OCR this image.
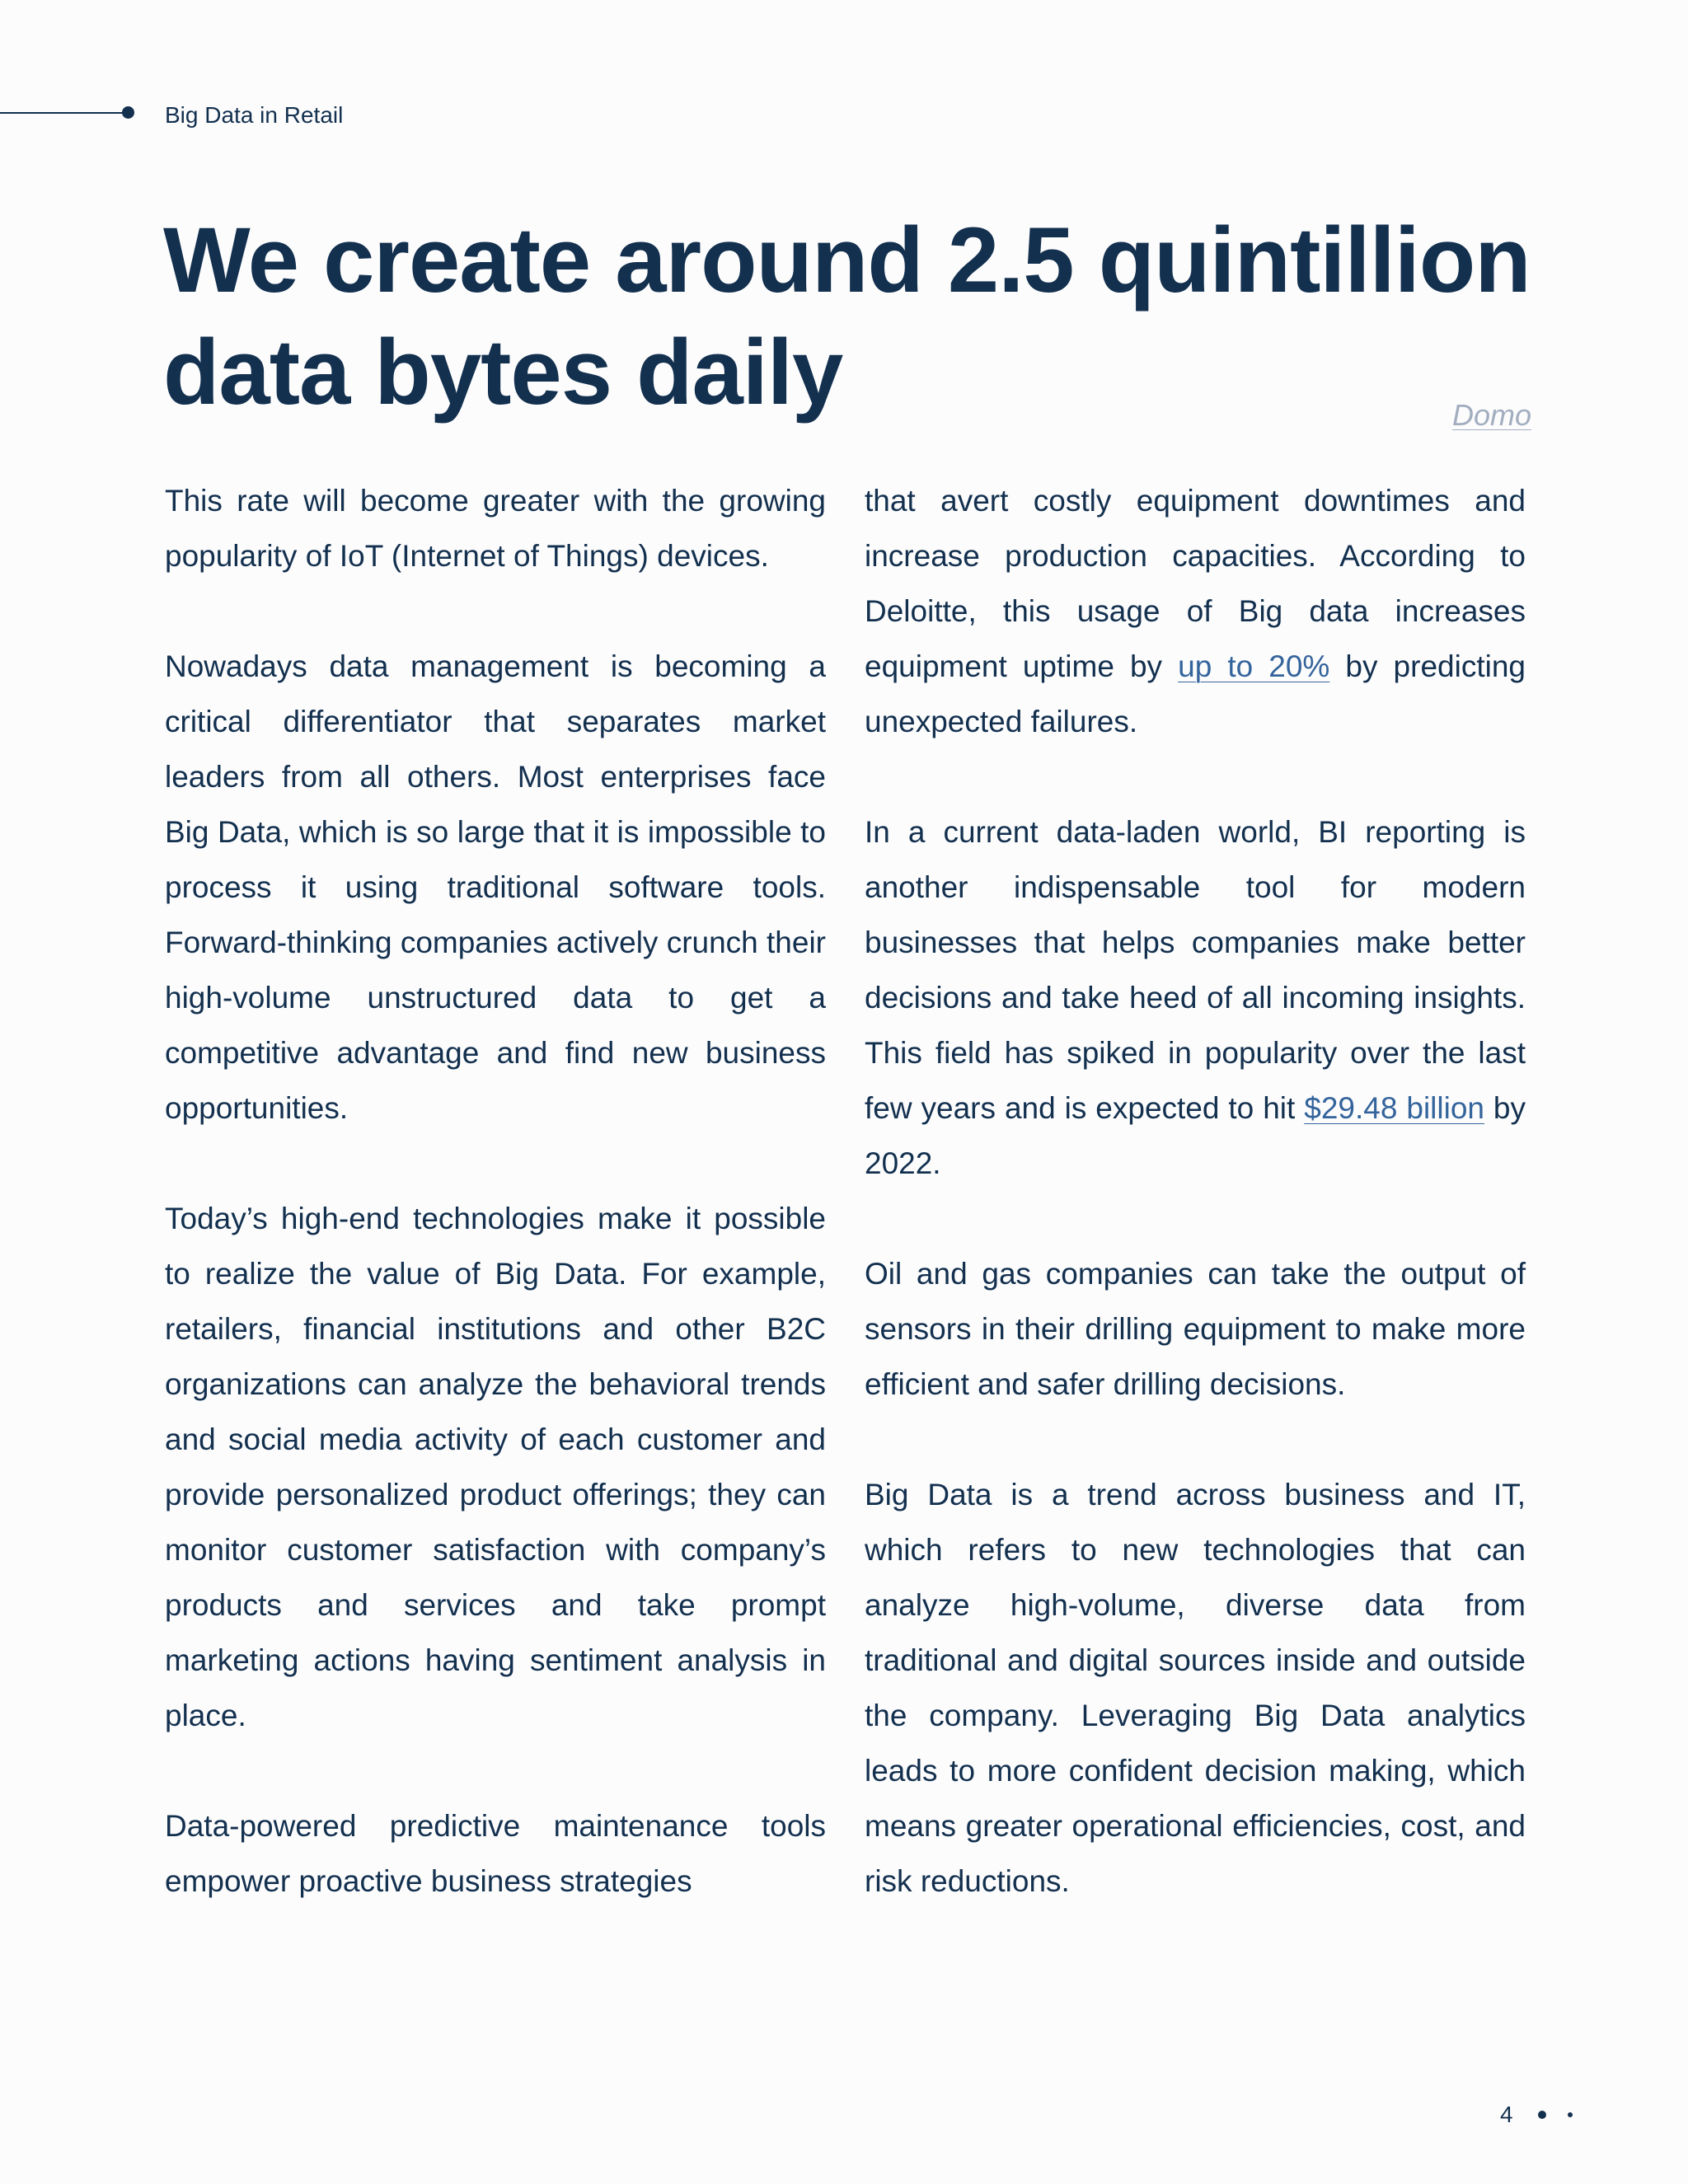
Big Data in Retail
We create around 2.5 quintillion data bytes daily	Domo

This rate will become greater with the growing popularity of IoT (Internet of Things) devices.

Nowadays data management is becoming a critical differentiator that separates market leaders from all others. Most enterprises face Big Data, which is so large that it is impossible to process it using traditional software tools. Forward-thinking companies actively crunch their high-volume unstructured data to get a competitive advantage and find new business opportunities.

Today’s high-end technologies make it possible to realize the value of Big Data. For example, retailers, financial institutions and other B2C organizations can analyze the behavioral trends and social media activity of each customer and provide personalized product offerings; they can monitor customer satisfaction with company’s products and services and take prompt marketing actions having sentiment analysis in place.

Data-powered predictive maintenance tools empower proactive business strategies

that avert costly equipment downtimes and increase production capacities. According to Deloitte, this usage of Big data increases equipment uptime by up to 20% by predicting unexpected failures.

In a current data-laden world, BI reporting is another indispensable tool for modern businesses that helps companies make better decisions and take heed of all incoming insights. This field has spiked in popularity over the last few years and is expected to hit $29.48 billion by 2022.

Oil and gas companies can take the output of sensors in their drilling equipment to make more efficient and safer drilling decisions.

Big Data is a trend across business and IT, which refers to new technologies that can analyze high-volume, diverse data from traditional and digital sources inside and outside the company. Leveraging Big Data analytics leads to more confident decision making, which means greater operational efficiencies, cost, and risk reductions.

4
